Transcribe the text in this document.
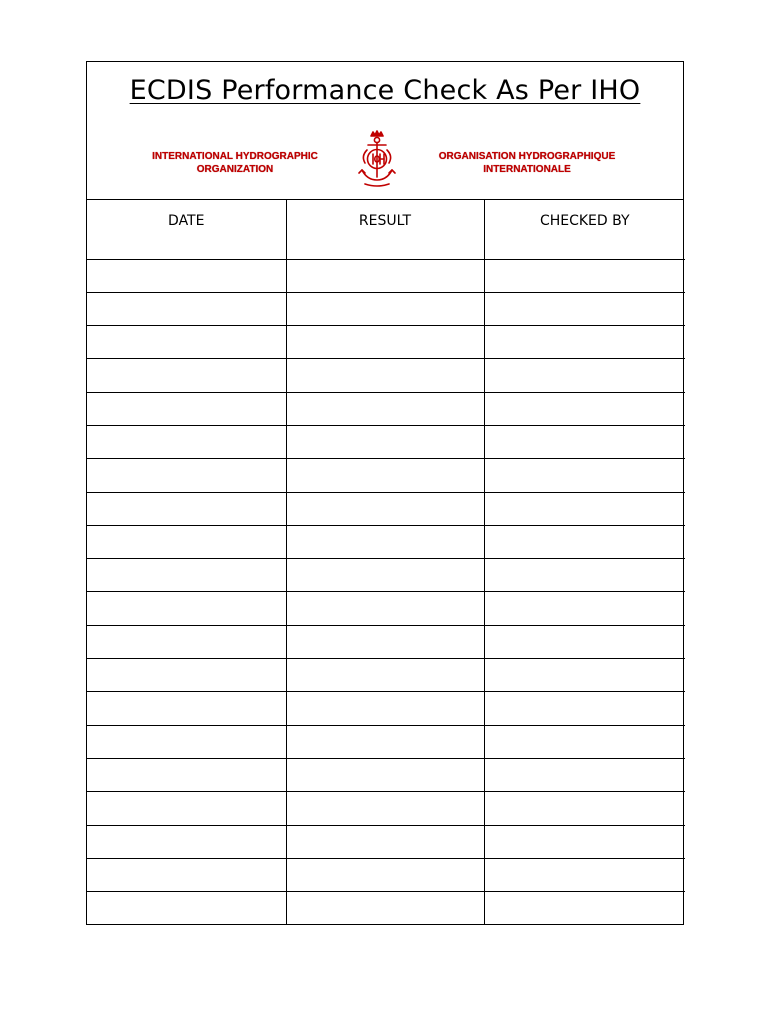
ECDIS Performance Check As Per IHO
INTERNATIONAL HYDROGRAPHIC
ORGANIZATION
ORGANISATION HYDROGRAPHIQUE
INTERNATIONALE
DATE	RESULT	CHECKED BY
